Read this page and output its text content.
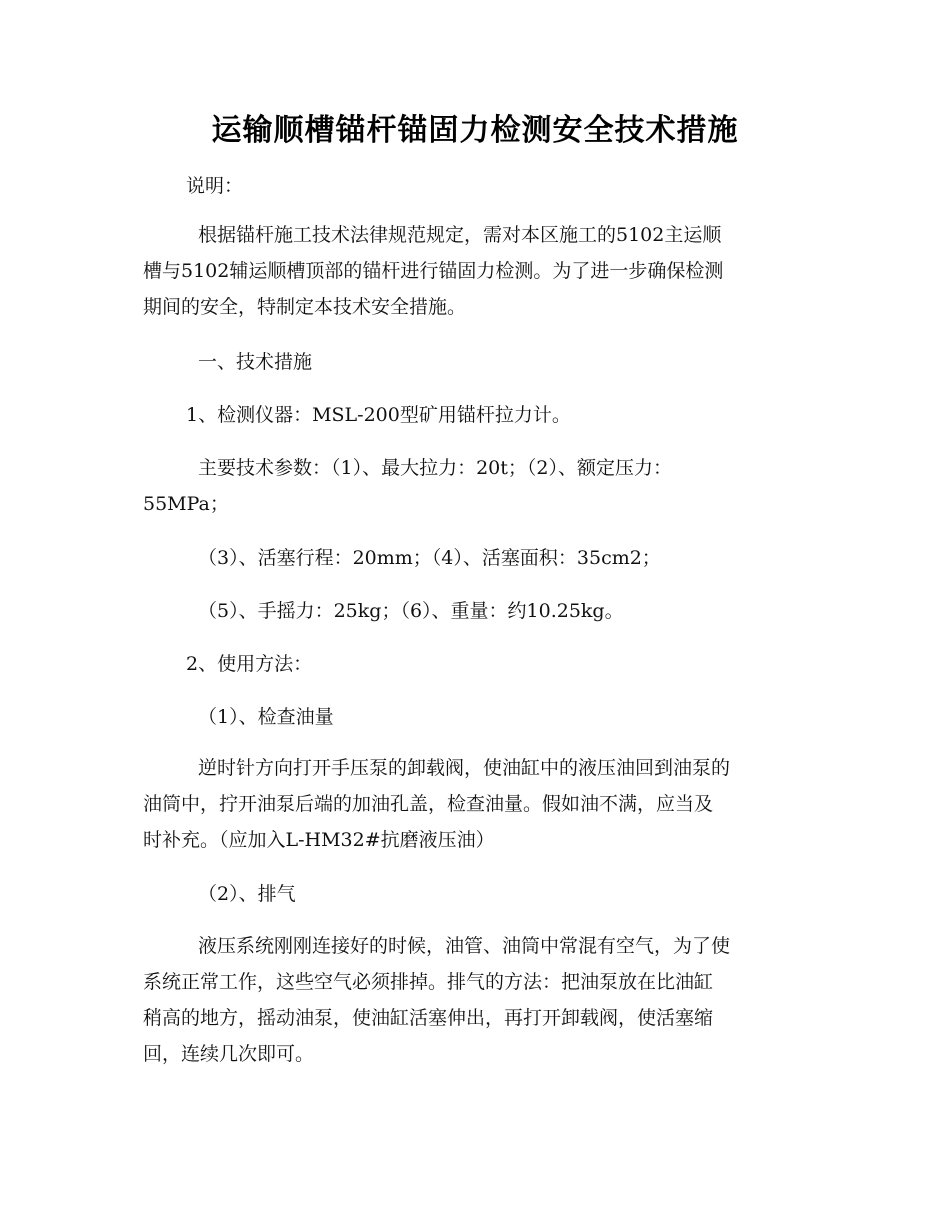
运输顺槽锚杆锚固力检测安全技术措施
说明：
根据锚杆施工技术法律规范规定，需对本区施工的5102主运顺
槽与5102辅运顺槽顶部的锚杆进行锚固力检测。为了进一步确保检测
期间的安全，特制定本技术安全措施。
一、技术措施
1、检测仪器：MSL-200型矿用锚杆拉力计。
主要技术参数：（1）、最大拉力：20t；（2）、额定压力：
55MPa；
（3）、活塞行程：20mm；（4）、活塞面积：35cm2；
（5）、手摇力：25kg；（6）、重量：约10.25kg。
2、使用方法：
（1）、检查油量
逆时针方向打开手压泵的卸载阀，使油缸中的液压油回到油泵的
油筒中，拧开油泵后端的加油孔盖，检查油量。假如油不满，应当及
时补充。（应加入L-HM32#抗磨液压油）
（2）、排气
液压系统刚刚连接好的时候，油管、油筒中常混有空气，为了使
系统正常工作，这些空气必须排掉。排气的方法：把油泵放在比油缸
稍高的地方，摇动油泵，使油缸活塞伸出，再打开卸载阀，使活塞缩
回，连续几次即可。
